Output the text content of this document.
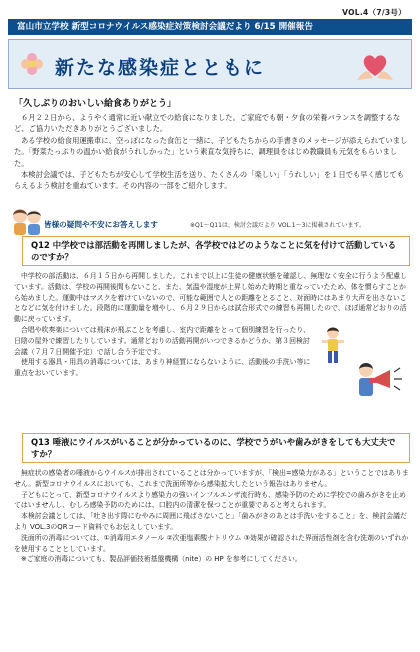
VOL.4（7/3号）
富山市立学校 新型コロナウイルス感染症対策検討会議だより 6/15 開催報告
新たな感染症とともに
「久しぶりのおいしい給食ありがとう」

６月２２日から、ようやく通常に近い献立での給食になりました。ご家庭でも朝・夕食の栄養バランスを調整するなど、ご協力いただきありがとうございました。

ある学校の給食用運搬車に、空っぽになった食缶と一緒に、子どもたちからの手書きのメッセージが添えられていました。「野菜たっぷりの温かい給食がうれしかった」という素直な気持ちに、調理員をはじめ教職員も元気をもらいました。

本検討会議では、子どもたちが安心して学校生活を送り、たくさんの「楽しい」「うれしい」を１日でも早く感じてもらえるよう検討を重ねています。その内容の一部をご紹介します。

皆様の疑問や不安にお答えします	※Q1～Q11は、検討会議だより VOL.1～3に掲載されています。
Q12 中学校では部活動を再開しましたが、各学校ではどのようなことに気を付けて活動しているのですか？

中学校の部活動は、６月１５日から再開しました。これまで以上に生徒の健康状態を確認し、無理なく安全に行うよう配慮しています。活動は、学校の再開後間もないこと、また、気温や湿度が上昇し始めた時期と重なっていたため、体を慣らすことから始めました。運動中はマスクを着けていないので、可能な範囲で人との距離をとること、対面時にはあまり大声を出さないことなどに気を付けました。段階的に運動量を増やし、６月２９日からは試合形式での練習も再開したので、ほぼ通常どおりの活動に戻っています。

合唱や吹奏楽については飛沫が飛ぶことを考慮し、室内で距離をとって個別練習を行ったり、日陰の屋外で練習したりしています。通常どおりの活動再開がいつできるかどうか、第３回検討会議（７月７日開催予定）で話し合う予定です。

使用する器具・用具の消毒については、あまり神経質にならないように、活動後の手洗い等に重点をおいています。

Q13 唾液にウイルスがいることが分かっているのに、学校でうがいや歯みがきをしても大丈夫ですか？

無症状の感染者の唾液からウイルスが排出されていることは分かっていますが、「検出=感染力がある」ということではありません。新型コロナウイルスにおいても、これまで洗面所等から感染拡大したという報告はありません。

子どもにとって、新型コロナウイルスより感染力の強いインフルエンザ流行時も、感染予防のために学校での歯みがきを止めてはいませんし、むしろ感染予防のためには、口腔内の清潔を保つことが重要であると考えられます。

本検討会議としては、「吐き出す際にむやみに周囲に飛ばさないこと」「歯みがきのあとは手洗いをすること」を、検討会議だより VOL.3のQRコード資料でもお伝えしています。

洗面所の消毒については、①消毒用エタノール ②次亜塩素酸ナトリウム ③効果が確認された界面活性剤を含む洗剤のいずれかを使用することとしています。

※ご家庭の消毒についても、製品評価技術基盤機構（nite）の HP を参考にしてください。
